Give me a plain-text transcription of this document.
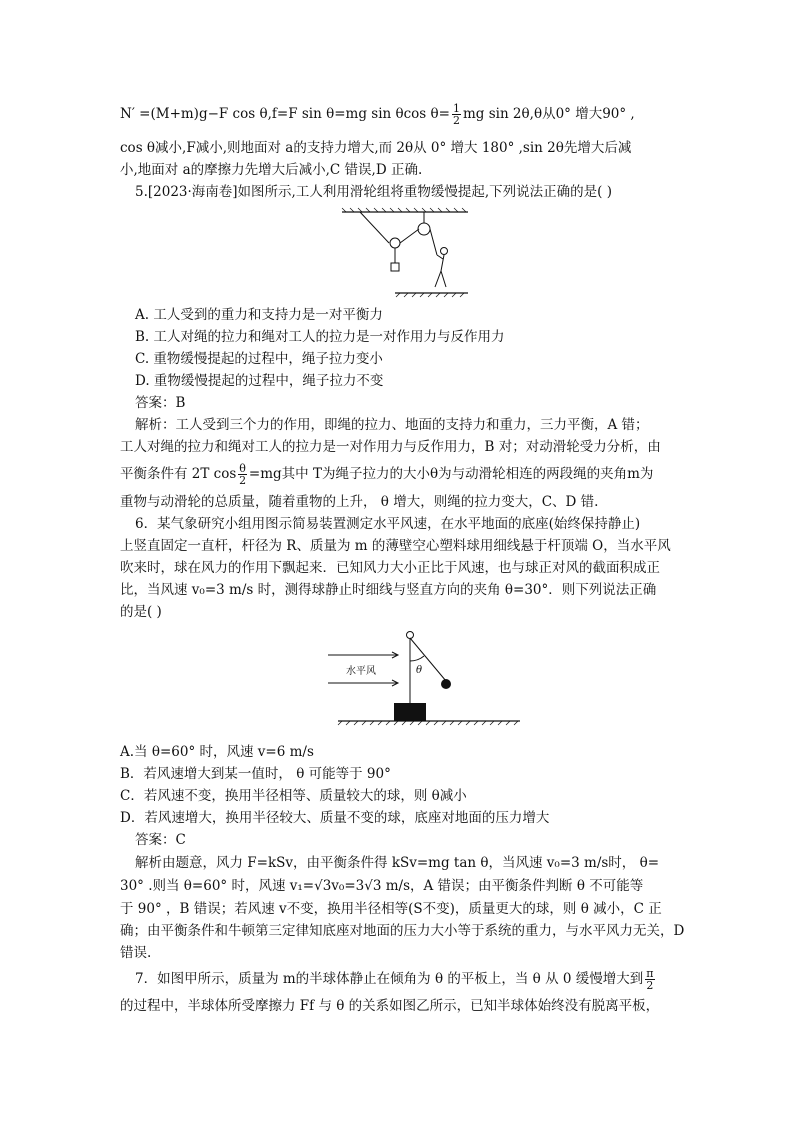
N′ =(M+m)g−F cos θ,f=F sin θ=mg sin θcos $\theta= \frac{1}{2}$ mg sin 2θ,θ从0° 增大90° ,
cos θ减小,F减小,则地面对 a的支持力增大,而 2θ从 0° 增大 180° ,sin 2θ先增大后减
小,地面对 a的摩擦力先增大后减小,C 错误,D 正确.
5.[2023·海南卷]如图所示,工人利用滑轮组将重物缓慢提起,下列说法正确的是( )
A. 工人受到的重力和支持力是一对平衡力
B. 工人对绳的拉力和绳对工人的拉力是一对作用力与反作用力
C. 重物缓慢提起的过程中，绳子拉力变小
D. 重物缓慢提起的过程中，绳子拉力不变
答案：B
解析：工人受到三个力的作用，即绳的拉力、地面的支持力和重力，三力平衡，A 错；
工人对绳的拉力和绳对工人的拉力是一对作用力与反作用力，B 对；对动滑轮受力分析，由
平衡条件有 2T $\cos \frac{\theta}{2} =mg$其中 T为绳子拉力的大小θ为与动滑轮相连的两段绳的夹角m为
重物与动滑轮的总质量，随着重物的上升， θ 增大，则绳的拉力变大，C、D 错.
6．某气象研究小组用图示简易装置测定水平风速，在水平地面的底座(始终保持静止)
上竖直固定一直杆，杆径为 R、质量为 m 的薄壁空心塑料球用细线悬于杆顶端 O，当水平风
吹来时，球在风力的作用下飘起来．已知风力大小正比于风速，也与球正对风的截面积成正
比，当风速 v₀=3 m/s 时，测得球静止时细线与竖直方向的夹角 θ=30°．则下列说法正确
的是( )
θ
水平风
A.当 θ=60° 时，风速 v=6 m/s
B．若风速增大到某一值时， θ 可能等于 90°
C．若风速不变，换用半径相等、质量较大的球，则 θ减小
D．若风速增大，换用半径较大、质量不变的球，底座对地面的压力增大
答案：C
解析由题意，风力 F=kSv，由平衡条件得 kSv=mg tan θ，当风速 v₀=3 m/s时， θ=
30° .则当 θ=60° 时，风速 v₁=√3v₀=3√3 m/s，A 错误；由平衡条件判断 θ 不可能等
于 90° ，B 错误；若风速 v不变，换用半径相等(S不变)，质量更大的球，则 θ 减小，C 正
确；由平衡条件和牛顿第三定律知底座对地面的压力大小等于系统的重力，与水平风力无关，D
错误.
7．如图甲所示，质量为 m的半球体静止在倾角为 θ 的平板上，当 θ 从 0 缓慢增大到 $\frac{\pi}{2}$
的过程中，半球体所受摩擦力 Ff 与 θ 的关系如图乙所示，已知半球体始终没有脱离平板，
